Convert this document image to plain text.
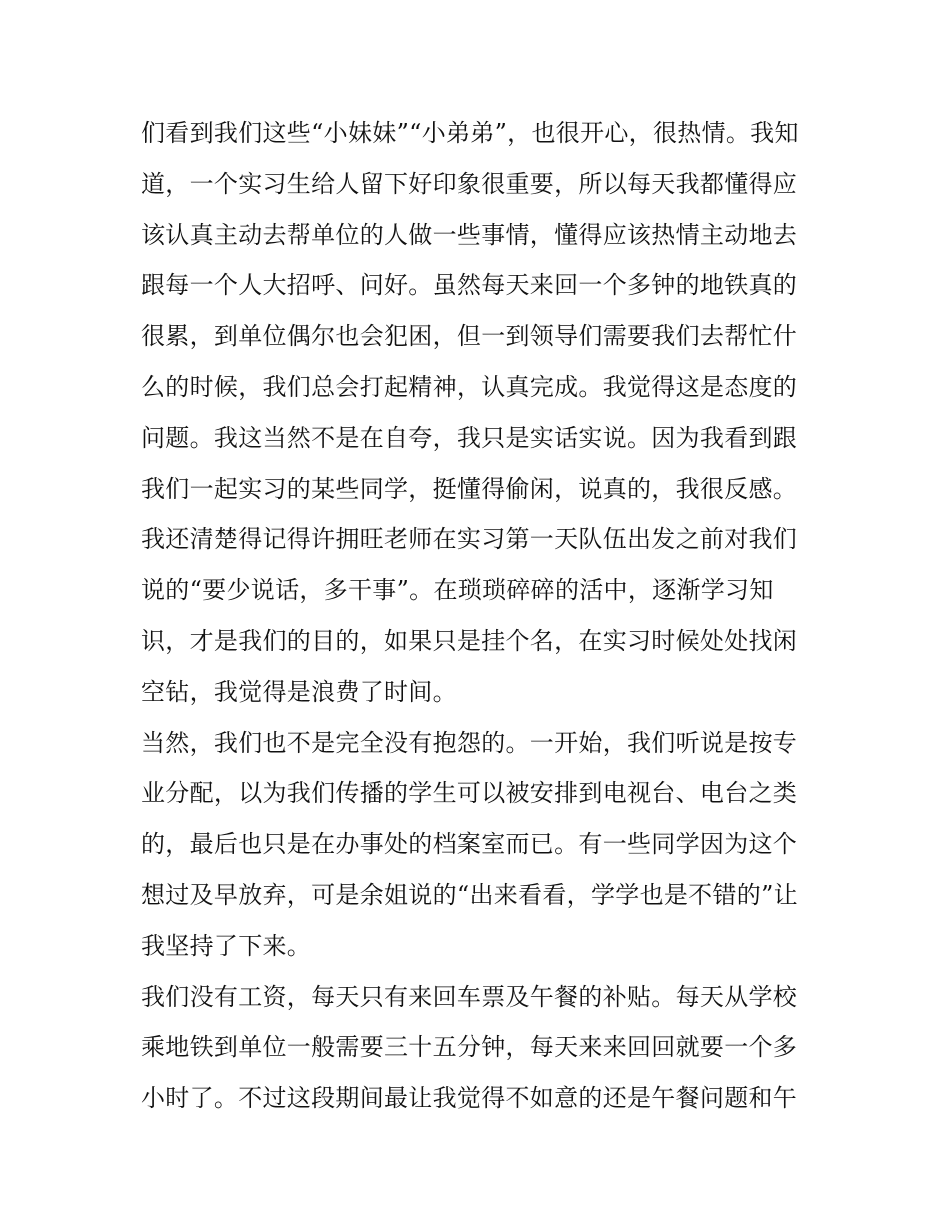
们看到我们这些“小妹妹”“小弟弟”，也很开心，很热情。我知
道，一个实习生给人留下好印象很重要，所以每天我都懂得应
该认真主动去帮单位的人做一些事情，懂得应该热情主动地去
跟每一个人大招呼、问好。虽然每天来回一个多钟的地铁真的
很累，到单位偶尔也会犯困，但一到领导们需要我们去帮忙什
么的时候，我们总会打起精神，认真完成。我觉得这是态度的
问题。我这当然不是在自夸，我只是实话实说。因为我看到跟
我们一起实习的某些同学，挺懂得偷闲，说真的，我很反感。
我还清楚得记得许拥旺老师在实习第一天队伍出发之前对我们
说的“要少说话，多干事”。在琐琐碎碎的活中，逐渐学习知
识，才是我们的目的，如果只是挂个名，在实习时候处处找闲
空钻，我觉得是浪费了时间。
当然，我们也不是完全没有抱怨的。一开始，我们听说是按专
业分配，以为我们传播的学生可以被安排到电视台、电台之类
的，最后也只是在办事处的档案室而已。有一些同学因为这个
想过及早放弃，可是余姐说的“出来看看，学学也是不错的”让
我坚持了下来。
我们没有工资，每天只有来回车票及午餐的补贴。每天从学校
乘地铁到单位一般需要三十五分钟，每天来来回回就要一个多
小时了。不过这段期间最让我觉得不如意的还是午餐问题和午
